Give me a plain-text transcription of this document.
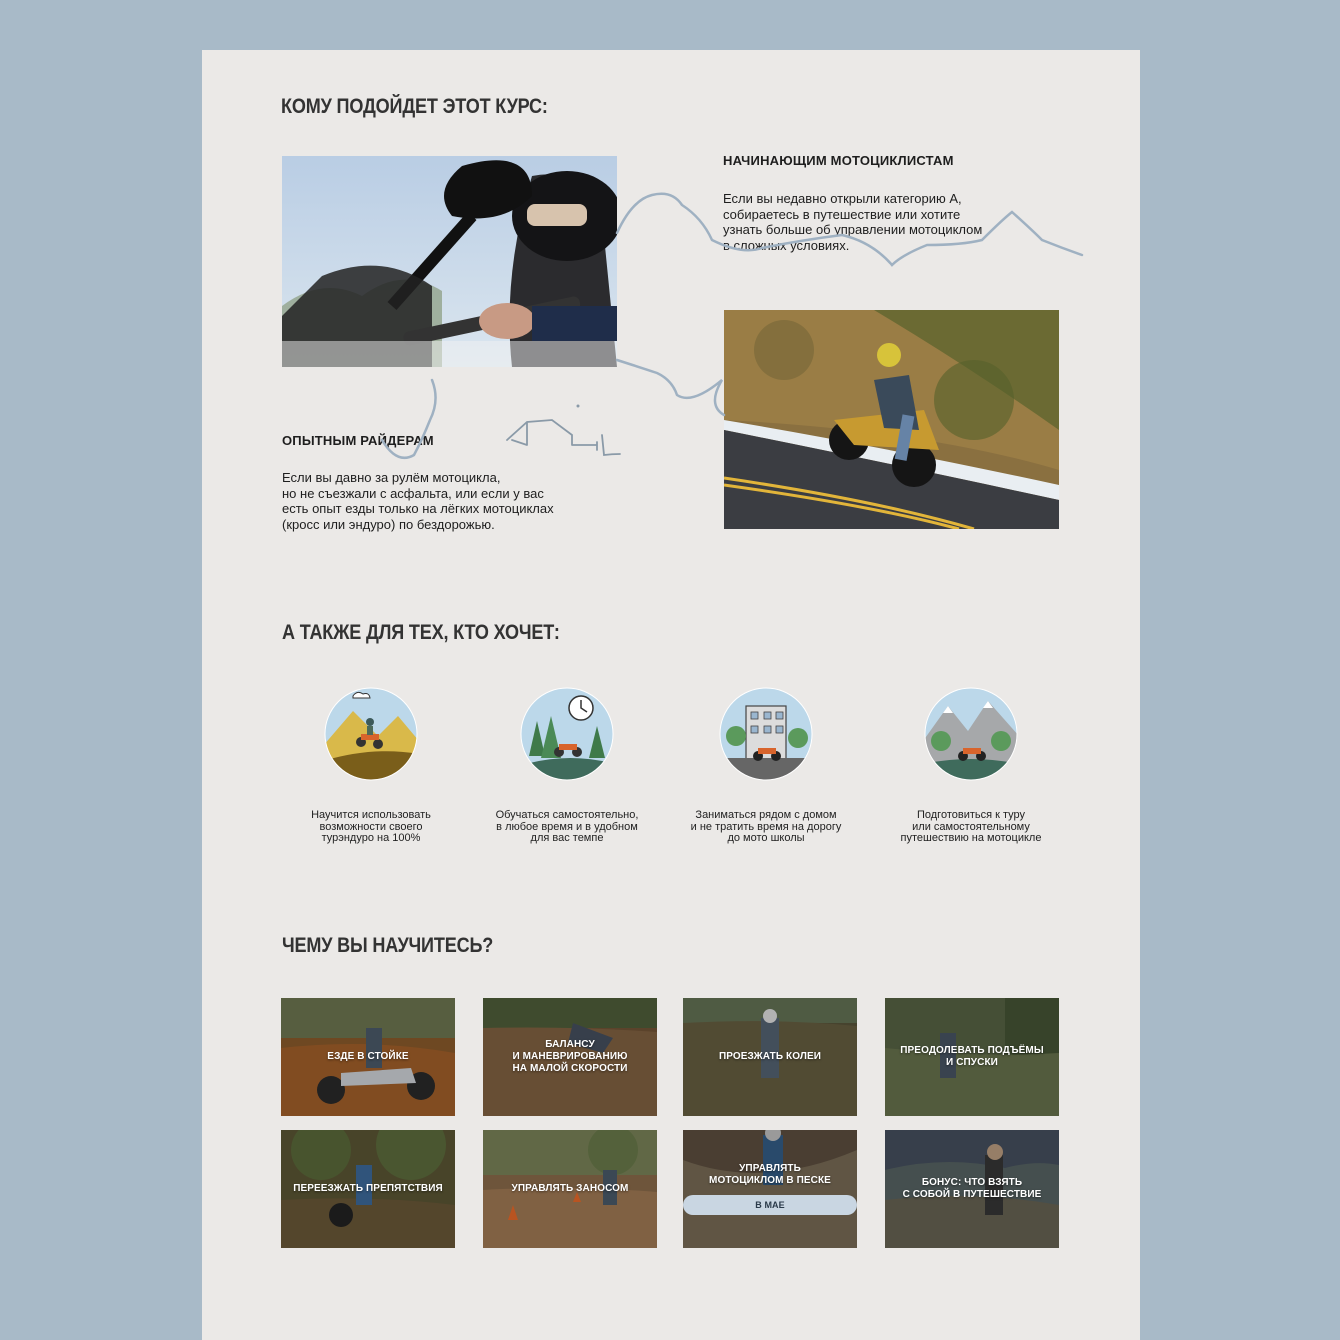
КОМУ ПОДОЙДЕТ ЭТОТ КУРС:
НАЧИНАЮЩИМ МОТОЦИКЛИСТАМ

Если вы недавно открыли категорию А,
собираетесь в путешествие или хотите
узнать больше об управлении мотоциклом
в сложных условиях.

ОПЫТНЫМ РАЙДЕРАМ

Если вы давно за рулём мотоцикла,
но не съезжали с асфальта, или если у вас
есть опыт езды только на лёгких мотоциклах
(кросс или эндуро) по бездорожью.

А ТАКЖЕ ДЛЯ ТЕХ, КТО ХОЧЕТ:
Научится использовать
возможности своего
турэндуро на 100%
Обучаться самостоятельно,
в любое время и в удобном
для вас темпе
Заниматься рядом с домом
и не тратить время на дорогу
до мото школы
Подготовиться к туру
или самостоятельному
путешествию на мотоцикле
ЧЕМУ ВЫ НАУЧИТЕСЬ?
ЕЗДЕ В СТОЙКЕ
БАЛАНСУ
И МАНЕВРИРОВАНИЮ
НА МАЛОЙ СКОРОСТИ
ПРОЕЗЖАТЬ КОЛЕИ
ПРЕОДОЛЕВАТЬ ПОДЪЁМЫ
И СПУСКИ
ПЕРЕЕЗЖАТЬ ПРЕПЯТСТВИЯ	УПРАВЛЯТЬ ЗАНОСОМ
УПРАВЛЯТЬ
МОТОЦИКЛОМ В ПЕСКЕ
В МАЕ
БОНУС: ЧТО ВЗЯТЬ
С СОБОЙ В ПУТЕШЕСТВИЕ
